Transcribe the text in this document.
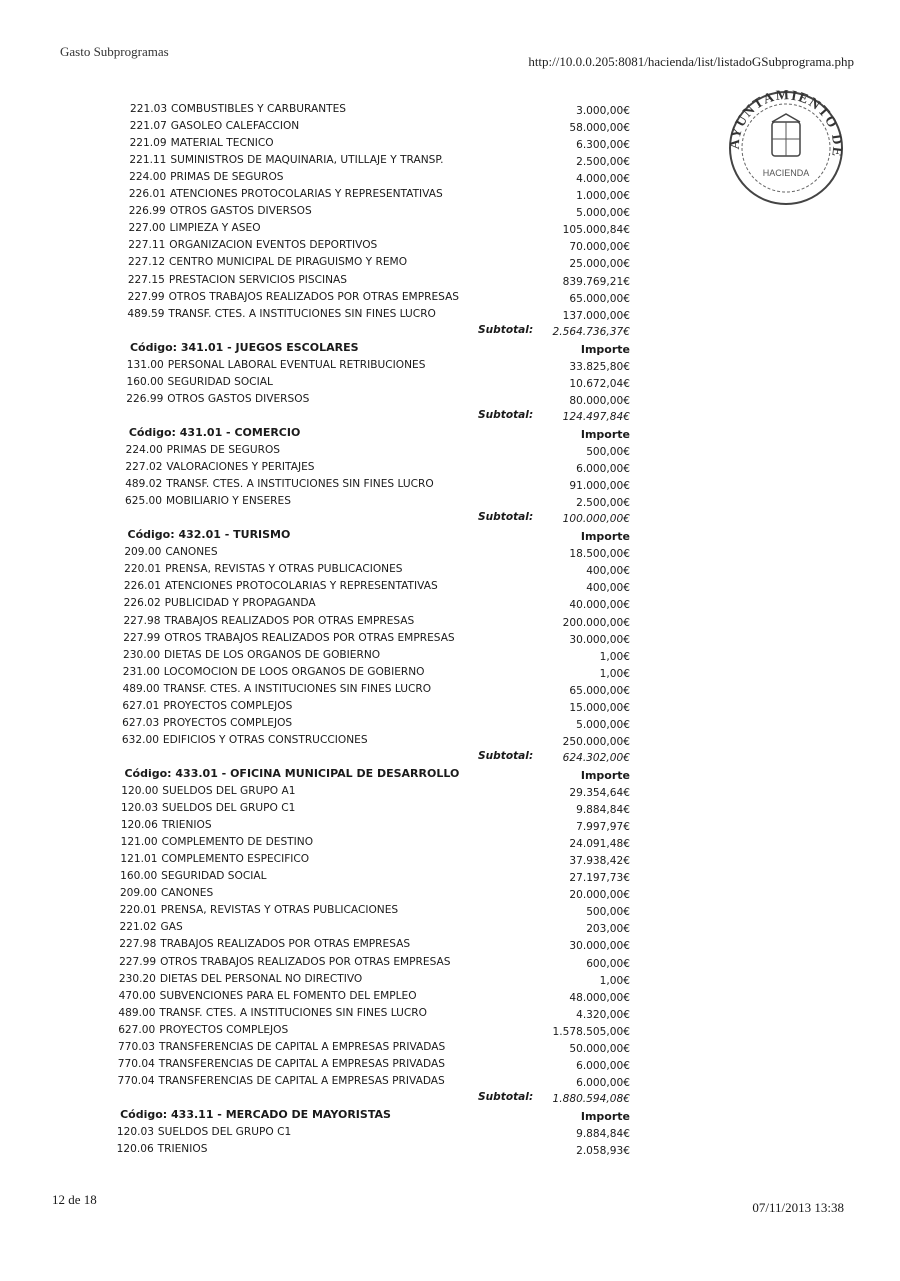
Gasto Subprogramas
http://10.0.0.205:8081/hacienda/list/listadoGSubprograma.php
AYUNTAMIENTO DE
HACIENDA
221.03 COMBUSTIBLES Y CARBURANTES	3.000,00€
221.07 GASOLEO CALEFACCION	58.000,00€
221.09 MATERIAL TECNICO	6.300,00€
221.11 SUMINISTROS DE MAQUINARIA, UTILLAJE Y TRANSP.	2.500,00€
224.00 PRIMAS DE SEGUROS	4.000,00€
226.01 ATENCIONES PROTOCOLARIAS Y REPRESENTATIVAS	1.000,00€
226.99 OTROS GASTOS DIVERSOS	5.000,00€
227.00 LIMPIEZA Y ASEO	105.000,84€
227.11 ORGANIZACION EVENTOS DEPORTIVOS	70.000,00€
227.12 CENTRO MUNICIPAL DE PIRAGUISMO Y REMO	25.000,00€
227.15 PRESTACION SERVICIOS PISCINAS	839.769,21€
227.99 OTROS TRABAJOS REALIZADOS POR OTRAS EMPRESAS	65.000,00€
489.59 TRANSF. CTES. A INSTITUCIONES SIN FINES LUCRO	137.000,00€
Subtotal:	2.564.736,37€
Código: 341.01 - JUEGOS ESCOLARES	Importe
131.00 PERSONAL LABORAL EVENTUAL RETRIBUCIONES	33.825,80€
160.00 SEGURIDAD SOCIAL	10.672,04€
226.99 OTROS GASTOS DIVERSOS	80.000,00€
Subtotal:	124.497,84€
Código: 431.01 - COMERCIO	Importe
224.00 PRIMAS DE SEGUROS	500,00€
227.02 VALORACIONES Y PERITAJES	6.000,00€
489.02 TRANSF. CTES. A INSTITUCIONES SIN FINES LUCRO	91.000,00€
625.00 MOBILIARIO Y ENSERES	2.500,00€
Subtotal:	100.000,00€
Código: 432.01 - TURISMO	Importe
209.00 CANONES	18.500,00€
220.01 PRENSA, REVISTAS Y OTRAS PUBLICACIONES	400,00€
226.01 ATENCIONES PROTOCOLARIAS Y REPRESENTATIVAS	400,00€
226.02 PUBLICIDAD Y PROPAGANDA	40.000,00€
227.98 TRABAJOS REALIZADOS POR OTRAS EMPRESAS	200.000,00€
227.99 OTROS TRABAJOS REALIZADOS POR OTRAS EMPRESAS	30.000,00€
230.00 DIETAS DE LOS ORGANOS DE GOBIERNO	1,00€
231.00 LOCOMOCION DE LOOS ORGANOS DE GOBIERNO	1,00€
489.00 TRANSF. CTES. A INSTITUCIONES SIN FINES LUCRO	65.000,00€
627.01 PROYECTOS COMPLEJOS	15.000,00€
627.03 PROYECTOS COMPLEJOS	5.000,00€
632.00 EDIFICIOS Y OTRAS CONSTRUCCIONES	250.000,00€
Subtotal:	624.302,00€
Código: 433.01 - OFICINA MUNICIPAL DE DESARROLLO	Importe
120.00 SUELDOS DEL GRUPO A1	29.354,64€
120.03 SUELDOS DEL GRUPO C1	9.884,84€
120.06 TRIENIOS	7.997,97€
121.00 COMPLEMENTO DE DESTINO	24.091,48€
121.01 COMPLEMENTO ESPECIFICO	37.938,42€
160.00 SEGURIDAD SOCIAL	27.197,73€
209.00 CANONES	20.000,00€
220.01 PRENSA, REVISTAS Y OTRAS PUBLICACIONES	500,00€
221.02 GAS	203,00€
227.98 TRABAJOS REALIZADOS POR OTRAS EMPRESAS	30.000,00€
227.99 OTROS TRABAJOS REALIZADOS POR OTRAS EMPRESAS	600,00€
230.20 DIETAS DEL PERSONAL NO DIRECTIVO	1,00€
470.00 SUBVENCIONES PARA EL FOMENTO DEL EMPLEO	48.000,00€
489.00 TRANSF. CTES. A INSTITUCIONES SIN FINES LUCRO	4.320,00€
627.00 PROYECTOS COMPLEJOS	1.578.505,00€
770.03 TRANSFERENCIAS DE CAPITAL A EMPRESAS PRIVADAS	50.000,00€
770.04 TRANSFERENCIAS DE CAPITAL A EMPRESAS PRIVADAS	6.000,00€
770.04 TRANSFERENCIAS DE CAPITAL A EMPRESAS PRIVADAS	6.000,00€
Subtotal:	1.880.594,08€
Código: 433.11 - MERCADO DE MAYORISTAS	Importe
120.03 SUELDOS DEL GRUPO C1	9.884,84€
120.06 TRIENIOS	2.058,93€
12 de 18
07/11/2013 13:38
